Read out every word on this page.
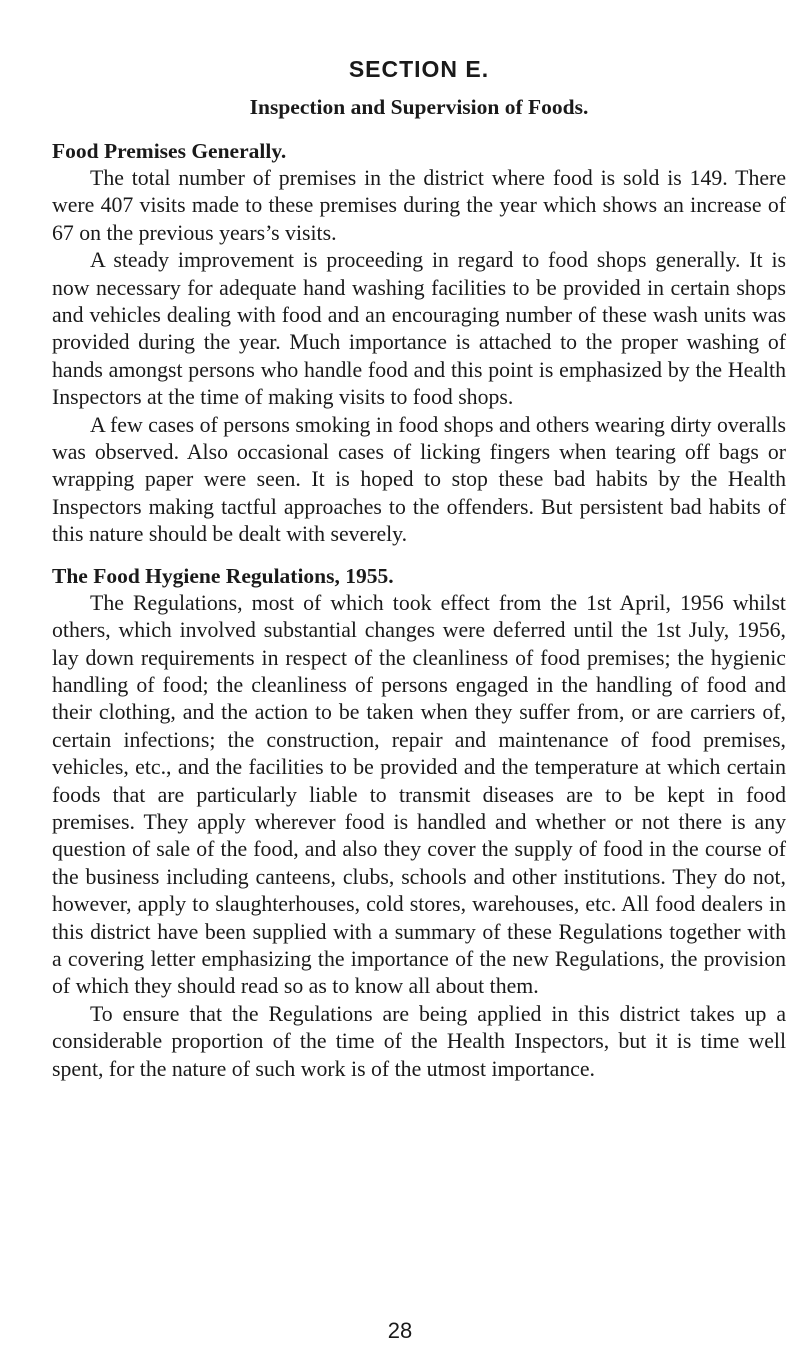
SECTION E.
Inspection and Supervision of Foods.
Food Premises Generally.

The total number of premises in the district where food is sold is 149. There were 407 visits made to these premises during the year which shows an increase of 67 on the previous years’s visits.

A steady improvement is proceeding in regard to food shops generally. It is now necessary for adequate hand washing facilities to be provided in certain shops and vehicles dealing with food and an encouraging number of these wash units was provided during the year. Much importance is attached to the proper washing of hands amongst persons who handle food and this point is emphasized by the Health Inspectors at the time of making visits to food shops.

A few cases of persons smoking in food shops and others wearing dirty overalls was observed. Also occasional cases of licking fingers when tearing off bags or wrapping paper were seen. It is hoped to stop these bad habits by the Health Inspectors making tactful approaches to the offenders. But persistent bad habits of this nature should be dealt with severely.

The Food Hygiene Regulations, 1955.

The Regulations, most of which took effect from the 1st April, 1956 whilst others, which involved substantial changes were deferred until the 1st July, 1956, lay down requirements in respect of the cleanliness of food premises; the hygienic handling of food; the cleanliness of persons engaged in the handling of food and their clothing, and the action to be taken when they suffer from, or are carriers of, certain infections; the construction, repair and maintenance of food premises, vehicles, etc., and the facilities to be provided and the temperature at which certain foods that are particularly liable to transmit diseases are to be kept in food premises. They apply wherever food is handled and whether or not there is any question of sale of the food, and also they cover the supply of food in the course of the business including canteens, clubs, schools and other institutions. They do not, however, apply to slaughterhouses, cold stores, warehouses, etc. All food dealers in this district have been supplied with a summary of these Regulations together with a covering letter emphasizing the importance of the new Regulations, the provision of which they should read so as to know all about them.

To ensure that the Regulations are being applied in this district takes up a considerable proportion of the time of the Health Inspectors, but it is time well spent, for the nature of such work is of the utmost importance.

28
